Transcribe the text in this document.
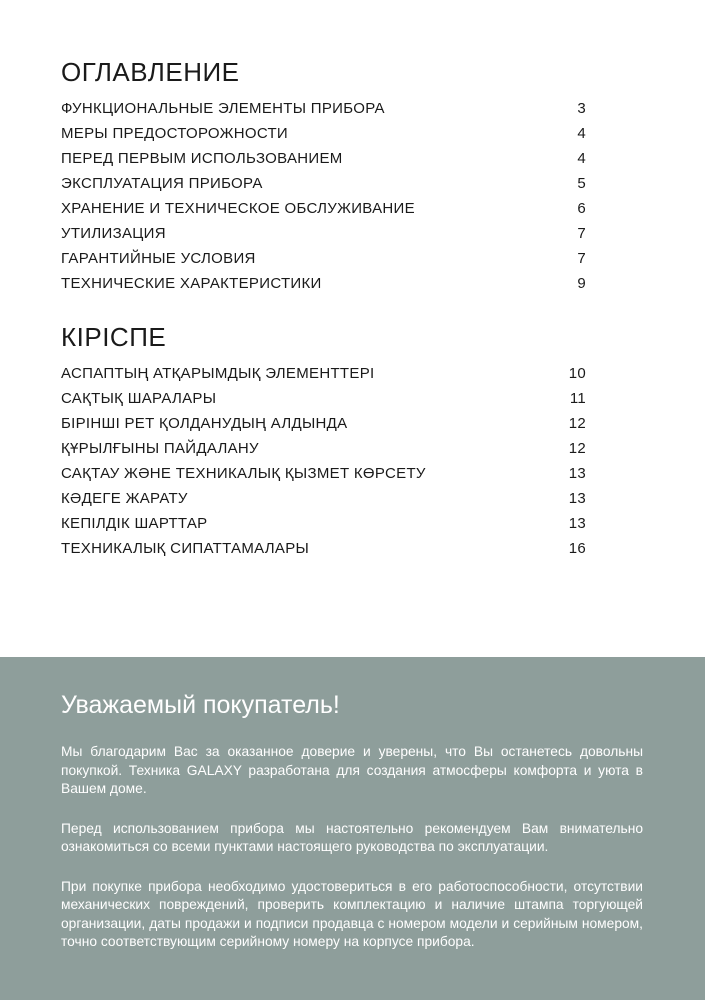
ОГЛАВЛЕНИЕ
ФУНКЦИОНАЛЬНЫЕ ЭЛЕМЕНТЫ ПРИБОРА	3
МЕРЫ ПРЕДОСТОРОЖНОСТИ	4
ПЕРЕД ПЕРВЫМ ИСПОЛЬЗОВАНИЕМ	4
ЭКСПЛУАТАЦИЯ ПРИБОРА	5
ХРАНЕНИЕ И ТЕХНИЧЕСКОЕ ОБСЛУЖИВАНИЕ	6
УТИЛИЗАЦИЯ	7
ГАРАНТИЙНЫЕ УСЛОВИЯ	7
ТЕХНИЧЕСКИЕ ХАРАКТЕРИСТИКИ	9
КІРІСПЕ
АСПАПТЫҢ АТҚАРЫМДЫҚ ЭЛЕМЕНТТЕРІ	10
САҚТЫҚ ШАРАЛАРЫ	11
БІРІНШІ РЕТ ҚОЛДАНУДЫҢ АЛДЫНДА	12
ҚҰРЫЛҒЫНЫ ПАЙДАЛАНУ	12
САҚТАУ ЖӘНЕ ТЕХНИКАЛЫҚ ҚЫЗМЕТ КӨРСЕТУ	13
КӘДЕГЕ ЖАРАТУ	13
КЕПІЛДІК ШАРТТАР	13
ТЕХНИКАЛЫҚ СИПАТТАМАЛАРЫ	16
Уважаемый покупатель!

Мы благодарим Вас за оказанное доверие и уверены, что Вы останетесь довольны покупкой. Техника GALAXY разработана для создания атмосферы комфорта и уюта в Вашем доме.

Перед использованием прибора мы настоятельно рекомендуем Вам внимательно ознакомиться со всеми пунктами настоящего руководства по эксплуатации.

При покупке прибора необходимо удостовериться в его работоспособности, отсутствии механических повреждений, проверить комплектацию и наличие штампа торгующей организации, даты продажи и подписи продавца с номером модели и серийным номером, точно соответствующим серийному номеру на корпусе прибора.
